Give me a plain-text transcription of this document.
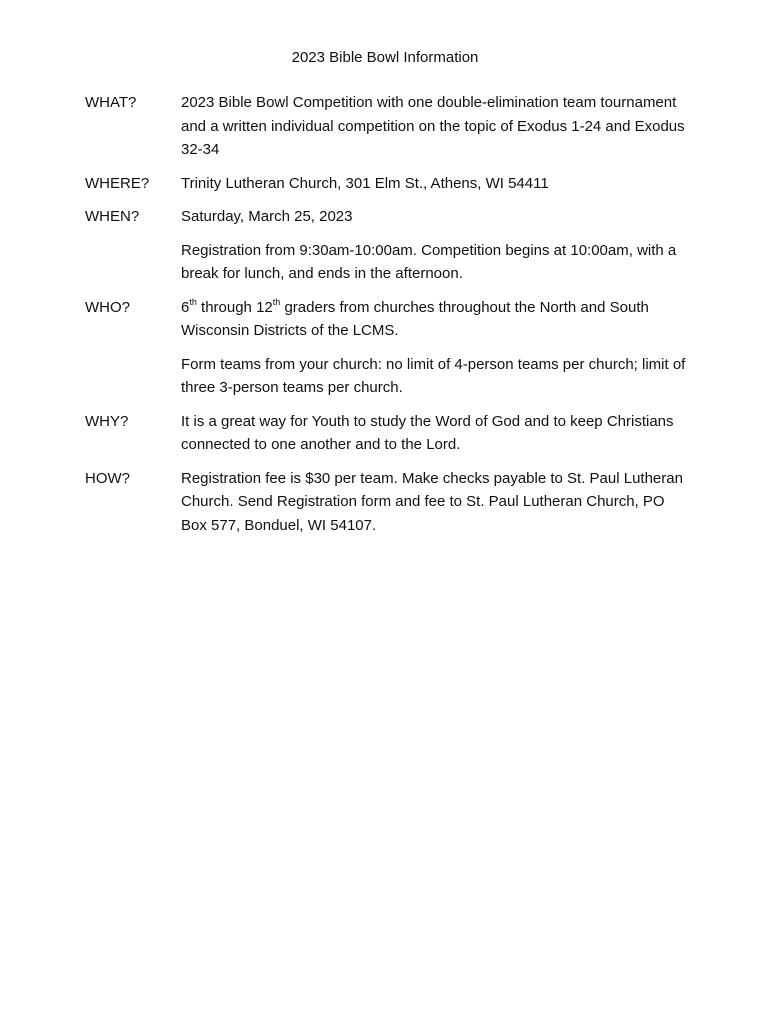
2023 Bible Bowl Information
WHAT?	2023 Bible Bowl Competition with one double-elimination team tournament and a written individual competition on the topic of Exodus 1-24 and Exodus 32-34
WHERE?	Trinity Lutheran Church, 301 Elm St., Athens, WI 54411
WHEN?	Saturday, March 25, 2023
Registration from 9:30am-10:00am. Competition begins at 10:00am, with a break for lunch, and ends in the afternoon.
WHO?	6th through 12th graders from churches throughout the North and South Wisconsin Districts of the LCMS.
Form teams from your church: no limit of 4-person teams per church; limit of three 3-person teams per church.
WHY?	It is a great way for Youth to study the Word of God and to keep Christians connected to one another and to the Lord.
HOW?	Registration fee is $30 per team. Make checks payable to St. Paul Lutheran Church. Send Registration form and fee to St. Paul Lutheran Church, PO Box 577, Bonduel, WI 54107.
